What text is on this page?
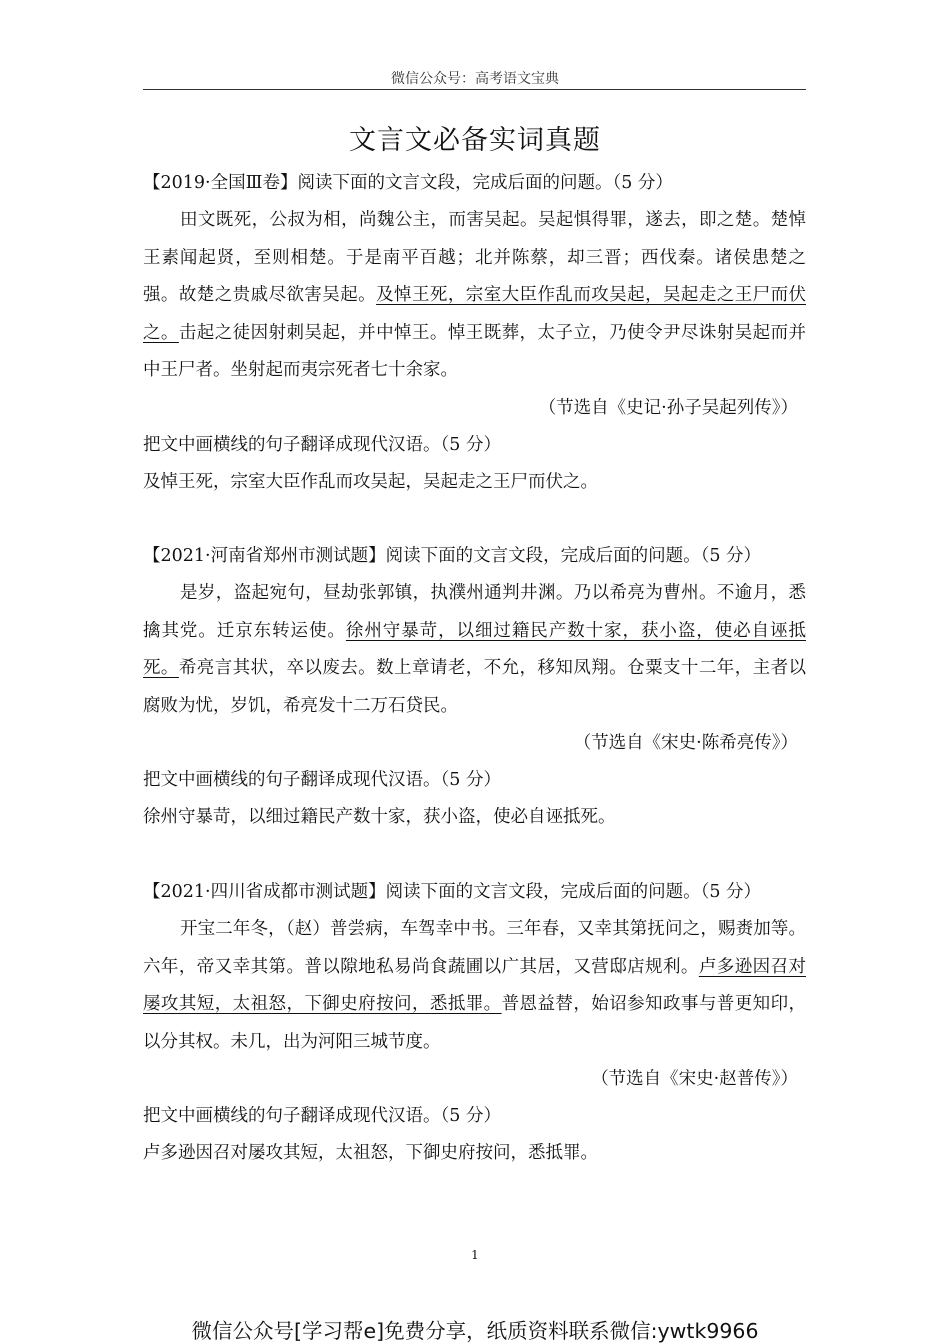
微信公众号：高考语文宝典
文言文必备实词真题
【2019·全国Ⅲ卷】阅读下面的文言文段，完成后面的问题。（5 分）
田文既死，公叔为相，尚魏公主，而害吴起。吴起惧得罪，遂去，即之楚。楚悼王素闻起贤，至则相楚。于是南平百越；北并陈蔡，却三晋；西伐秦。诸侯患楚之强。故楚之贵戚尽欲害吴起。及悼王死，宗室大臣作乱而攻吴起，吴起走之王尸而伏之。击起之徒因射刺吴起，并中悼王。悼王既葬，太子立，乃使令尹尽诛射吴起而并中王尸者。坐射起而夷宗死者七十余家。
（节选自《史记·孙子吴起列传》）
把文中画横线的句子翻译成现代汉语。（5 分）
及悼王死，宗室大臣作乱而攻吴起，吴起走之王尸而伏之。
【2021·河南省郑州市测试题】阅读下面的文言文段，完成后面的问题。（5 分）
是岁，盗起宛句，昼劫张郭镇，执濮州通判井渊。乃以希亮为曹州。不逾月，悉擒其党。迁京东转运使。徐州守暴苛，以细过籍民产数十家，获小盗，使必自诬抵死。希亮言其状，卒以废去。数上章请老，不允，移知凤翔。仓粟支十二年，主者以腐败为忧，岁饥，希亮发十二万石贷民。
（节选自《宋史·陈希亮传》）
把文中画横线的句子翻译成现代汉语。（5 分）
徐州守暴苛，以细过籍民产数十家，获小盗，使必自诬抵死。
【2021·四川省成都市测试题】阅读下面的文言文段，完成后面的问题。（5 分）
开宝二年冬，（赵）普尝病，车驾幸中书。三年春，又幸其第抚问之，赐赉加等。六年，帝又幸其第。普以隙地私易尚食蔬圃以广其居，又营邸店规利。卢多逊因召对屡攻其短，太祖怒，下御史府按问，悉抵罪。普恩益替，始诏参知政事与普更知印，以分其权。未几，出为河阳三城节度。
（节选自《宋史·赵普传》）
把文中画横线的句子翻译成现代汉语。（5 分）
卢多逊因召对屡攻其短，太祖怒，下御史府按问，悉抵罪。
1
微信公众号[学习帮e]免费分享，纸质资料联系微信:ywtk9966
